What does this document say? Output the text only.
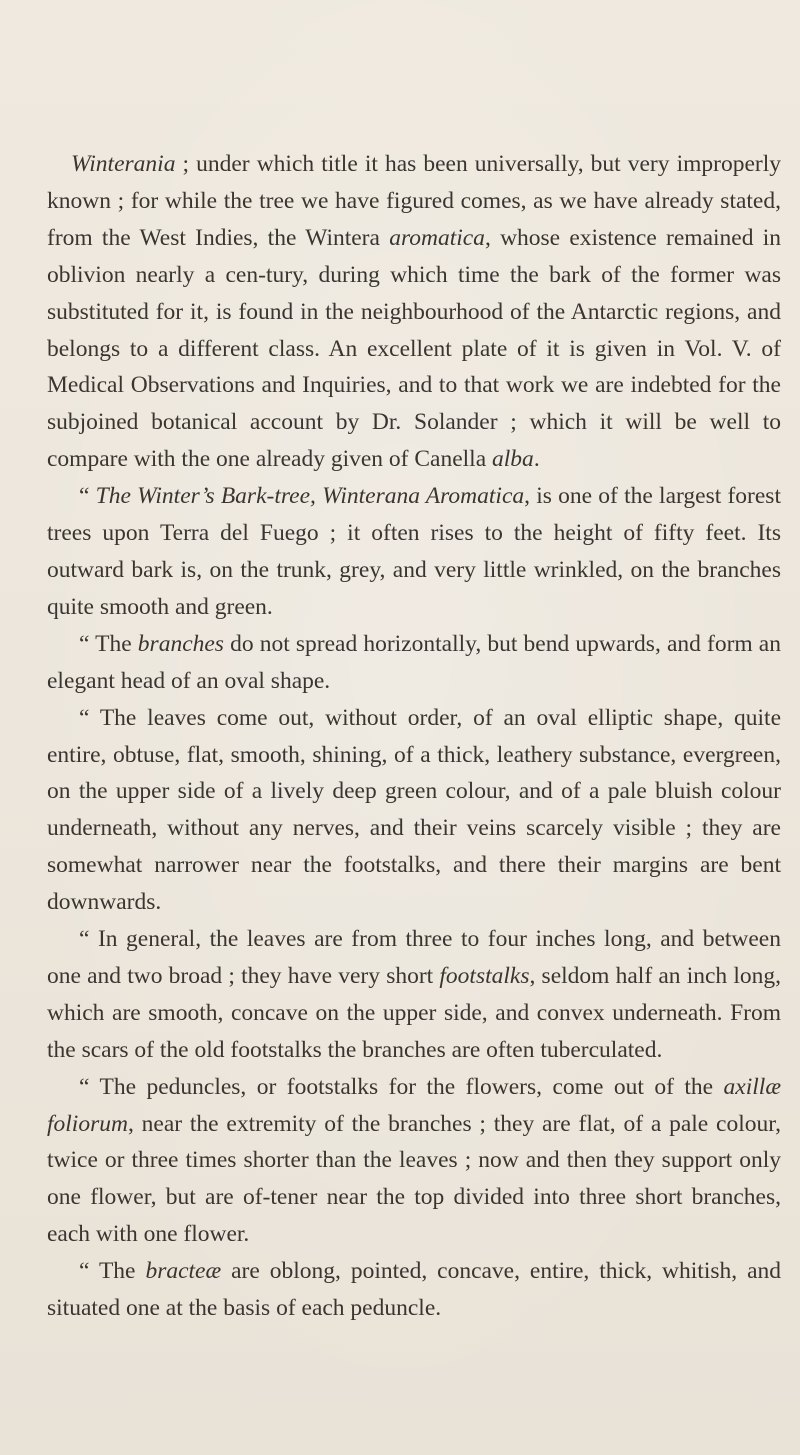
Winterania ; under which title it has been universally, but very improperly known ; for while the tree we have figured comes, as we have already stated, from the West Indies, the Wintera aromatica, whose existence remained in oblivion nearly a cen-tury, during which time the bark of the former was substituted for it, is found in the neighbourhood of the Antarctic regions, and belongs to a different class. An excellent plate of it is given in Vol. V. of Medical Observations and Inquiries, and to that work we are indebted for the subjoined botanical account by Dr. Solander ; which it will be well to compare with the one already given of Canella alba.

“ The Winter’s Bark-tree, Winterana Aromatica, is one of the largest forest trees upon Terra del Fuego ; it often rises to the height of fifty feet. Its outward bark is, on the trunk, grey, and very little wrinkled, on the branches quite smooth and green.

“ The branches do not spread horizontally, but bend upwards, and form an elegant head of an oval shape.

“ The leaves come out, without order, of an oval elliptic shape, quite entire, obtuse, flat, smooth, shining, of a thick, leathery substance, evergreen, on the upper side of a lively deep green colour, and of a pale bluish colour underneath, without any nerves, and their veins scarcely visible ; they are somewhat narrower near the footstalks, and there their margins are bent downwards.

“ In general, the leaves are from three to four inches long, and between one and two broad ; they have very short footstalks, seldom half an inch long, which are smooth, concave on the upper side, and convex underneath. From the scars of the old footstalks the branches are often tuberculated.

“ The peduncles, or footstalks for the flowers, come out of the axillæ foliorum, near the extremity of the branches ; they are flat, of a pale colour, twice or three times shorter than the leaves ; now and then they support only one flower, but are of-tener near the top divided into three short branches, each with one flower.

“ The bracteæ are oblong, pointed, concave, entire, thick, whitish, and situated one at the basis of each peduncle.
